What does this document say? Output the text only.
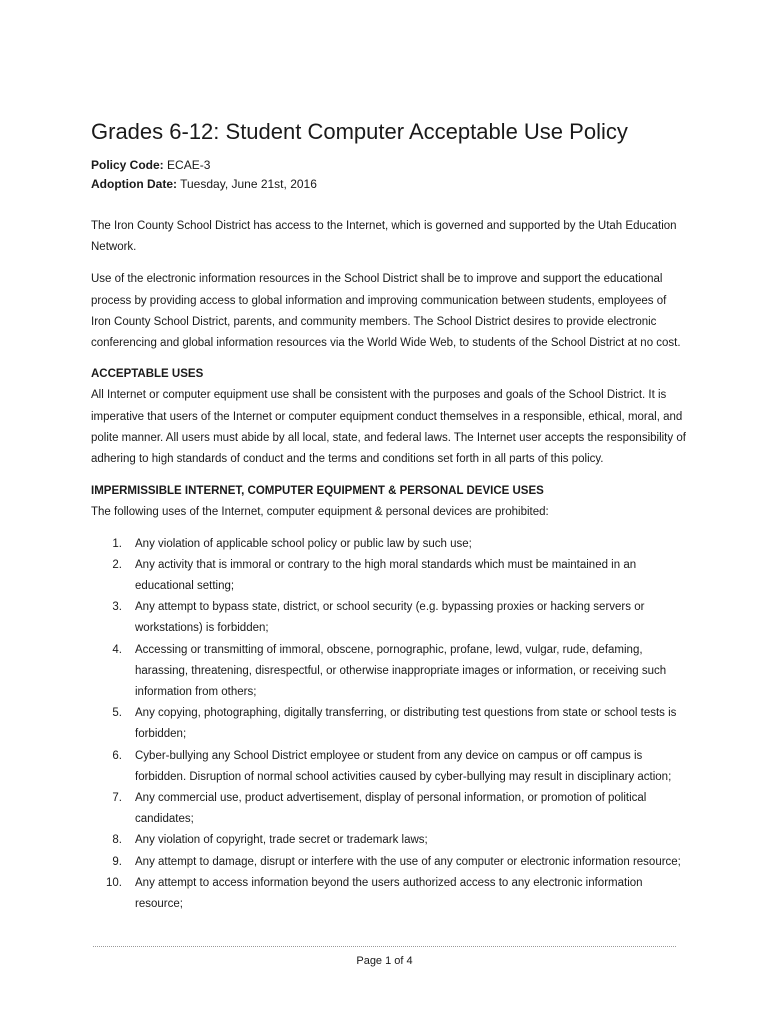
Grades 6-12: Student Computer Acceptable Use Policy
Policy Code: ECAE-3
Adoption Date: Tuesday, June 21st, 2016

The Iron County School District has access to the Internet, which is governed and supported by the Utah Education Network.

Use of the electronic information resources in the School District shall be to improve and support the educational process by providing access to global information and improving communication between students, employees of Iron County School District, parents, and community members. The School District desires to provide electronic conferencing and global information resources via the World Wide Web, to students of the School District at no cost.

ACCEPTABLE USES

All Internet or computer equipment use shall be consistent with the purposes and goals of the School District. It is imperative that users of the Internet or computer equipment conduct themselves in a responsible, ethical, moral, and polite manner. All users must abide by all local, state, and federal laws. The Internet user accepts the responsibility of adhering to high standards of conduct and the terms and conditions set forth in all parts of this policy.

IMPERMISSIBLE INTERNET, COMPUTER EQUIPMENT & PERSONAL DEVICE USES

The following uses of the Internet, computer equipment & personal devices are prohibited:

1. Any violation of applicable school policy or public law by such use;
2. Any activity that is immoral or contrary to the high moral standards which must be maintained in an educational setting;
3. Any attempt to bypass state, district, or school security (e.g. bypassing proxies or hacking servers or workstations) is forbidden;
4. Accessing or transmitting of immoral, obscene, pornographic, profane, lewd, vulgar, rude, defaming, harassing, threatening, disrespectful, or otherwise inappropriate images or information, or receiving such information from others;
5. Any copying, photographing, digitally transferring, or distributing test questions from state or school tests is forbidden;
6. Cyber-bullying any School District employee or student from any device on campus or off campus is forbidden. Disruption of normal school activities caused by cyber-bullying may result in disciplinary action;
7. Any commercial use, product advertisement, display of personal information, or promotion of political candidates;
8. Any violation of copyright, trade secret or trademark laws;
9. Any attempt to damage, disrupt or interfere with the use of any computer or electronic information resource;
10. Any attempt to access information beyond the users authorized access to any electronic information resource;
Page 1 of 4
